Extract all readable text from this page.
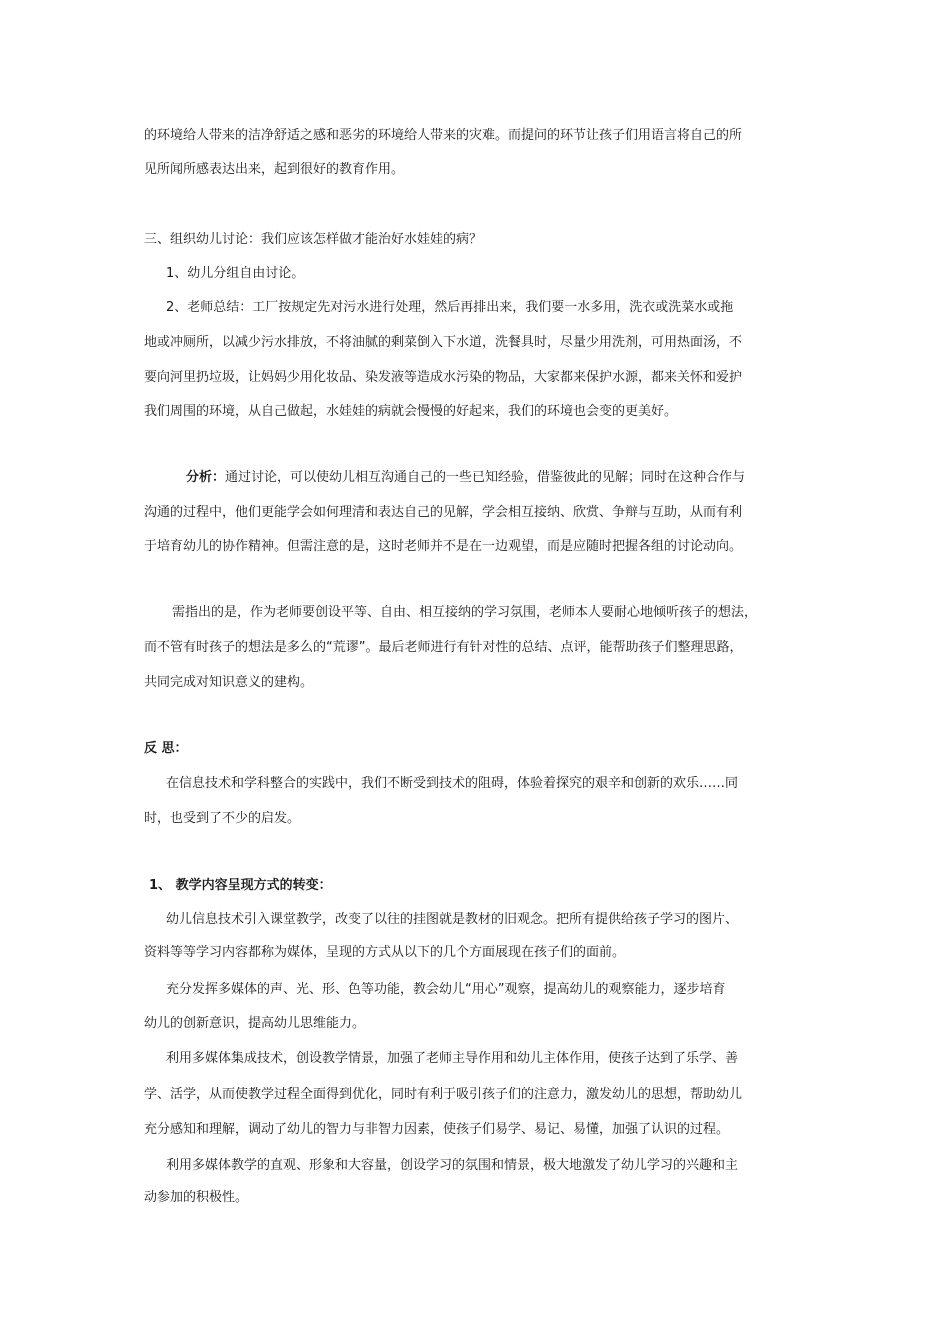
的环境给人带来的洁净舒适之感和恶劣的环境给人带来的灾难。而提问的环节让孩子们用语言将自己的所
见所闻所感表达出来，起到很好的教育作用。
三、组织幼儿讨论：我们应该怎样做才能治好水娃娃的病？
1、幼儿分组自由讨论。
2、老师总结：工厂按规定先对污水进行处理，然后再排出来，我们要一水多用，洗衣或洗菜水或拖
地或冲厕所，以减少污水排放，不将油腻的剩菜倒入下水道，洗餐具时，尽量少用洗剂，可用热面汤，不
要向河里扔垃圾，让妈妈少用化妆品、染发液等造成水污染的物品，大家都来保护水源，都来关怀和爱护
我们周围的环境，从自己做起，水娃娃的病就会慢慢的好起来，我们的环境也会变的更美好。
分析：通过讨论，可以使幼儿相互沟通自己的一些已知经验，借鉴彼此的见解；同时在这种合作与
沟通的过程中，他们更能学会如何理清和表达自己的见解，学会相互接纳、欣赏、争辩与互助，从而有利
于培育幼儿的协作精神。但需注意的是，这时老师并不是在一边观望，而是应随时把握各组的讨论动向。
需指出的是，作为老师要创设平等、自由、相互接纳的学习氛围，老师本人要耐心地倾听孩子的想法，
而不管有时孩子的想法是多么的“荒谬”。最后老师进行有针对性的总结、点评，能帮助孩子们整理思路，
共同完成对知识意义的建构。
反 思：
在信息技术和学科整合的实践中，我们不断受到技术的阻碍，体验着探究的艰辛和创新的欢乐……同
时，也受到了不少的启发。
1、 教学内容呈现方式的转变：
幼儿信息技术引入课堂教学，改变了以往的挂图就是教材的旧观念。把所有提供给孩子学习的图片、
资料等等学习内容都称为媒体，呈现的方式从以下的几个方面展现在孩子们的面前。
充分发挥多媒体的声、光、形、色等功能，教会幼儿“用心”观察，提高幼儿的观察能力，逐步培育
幼儿的创新意识，提高幼儿思维能力。
利用多媒体集成技术，创设教学情景，加强了老师主导作用和幼儿主体作用，使孩子达到了乐学、善
学、活学，从而使教学过程全面得到优化，同时有利于吸引孩子们的注意力，激发幼儿的思想，帮助幼儿
充分感知和理解，调动了幼儿的智力与非智力因素，使孩子们易学、易记、易懂，加强了认识的过程。
利用多媒体教学的直观、形象和大容量，创设学习的氛围和情景，极大地激发了幼儿学习的兴趣和主
动参加的积极性。
